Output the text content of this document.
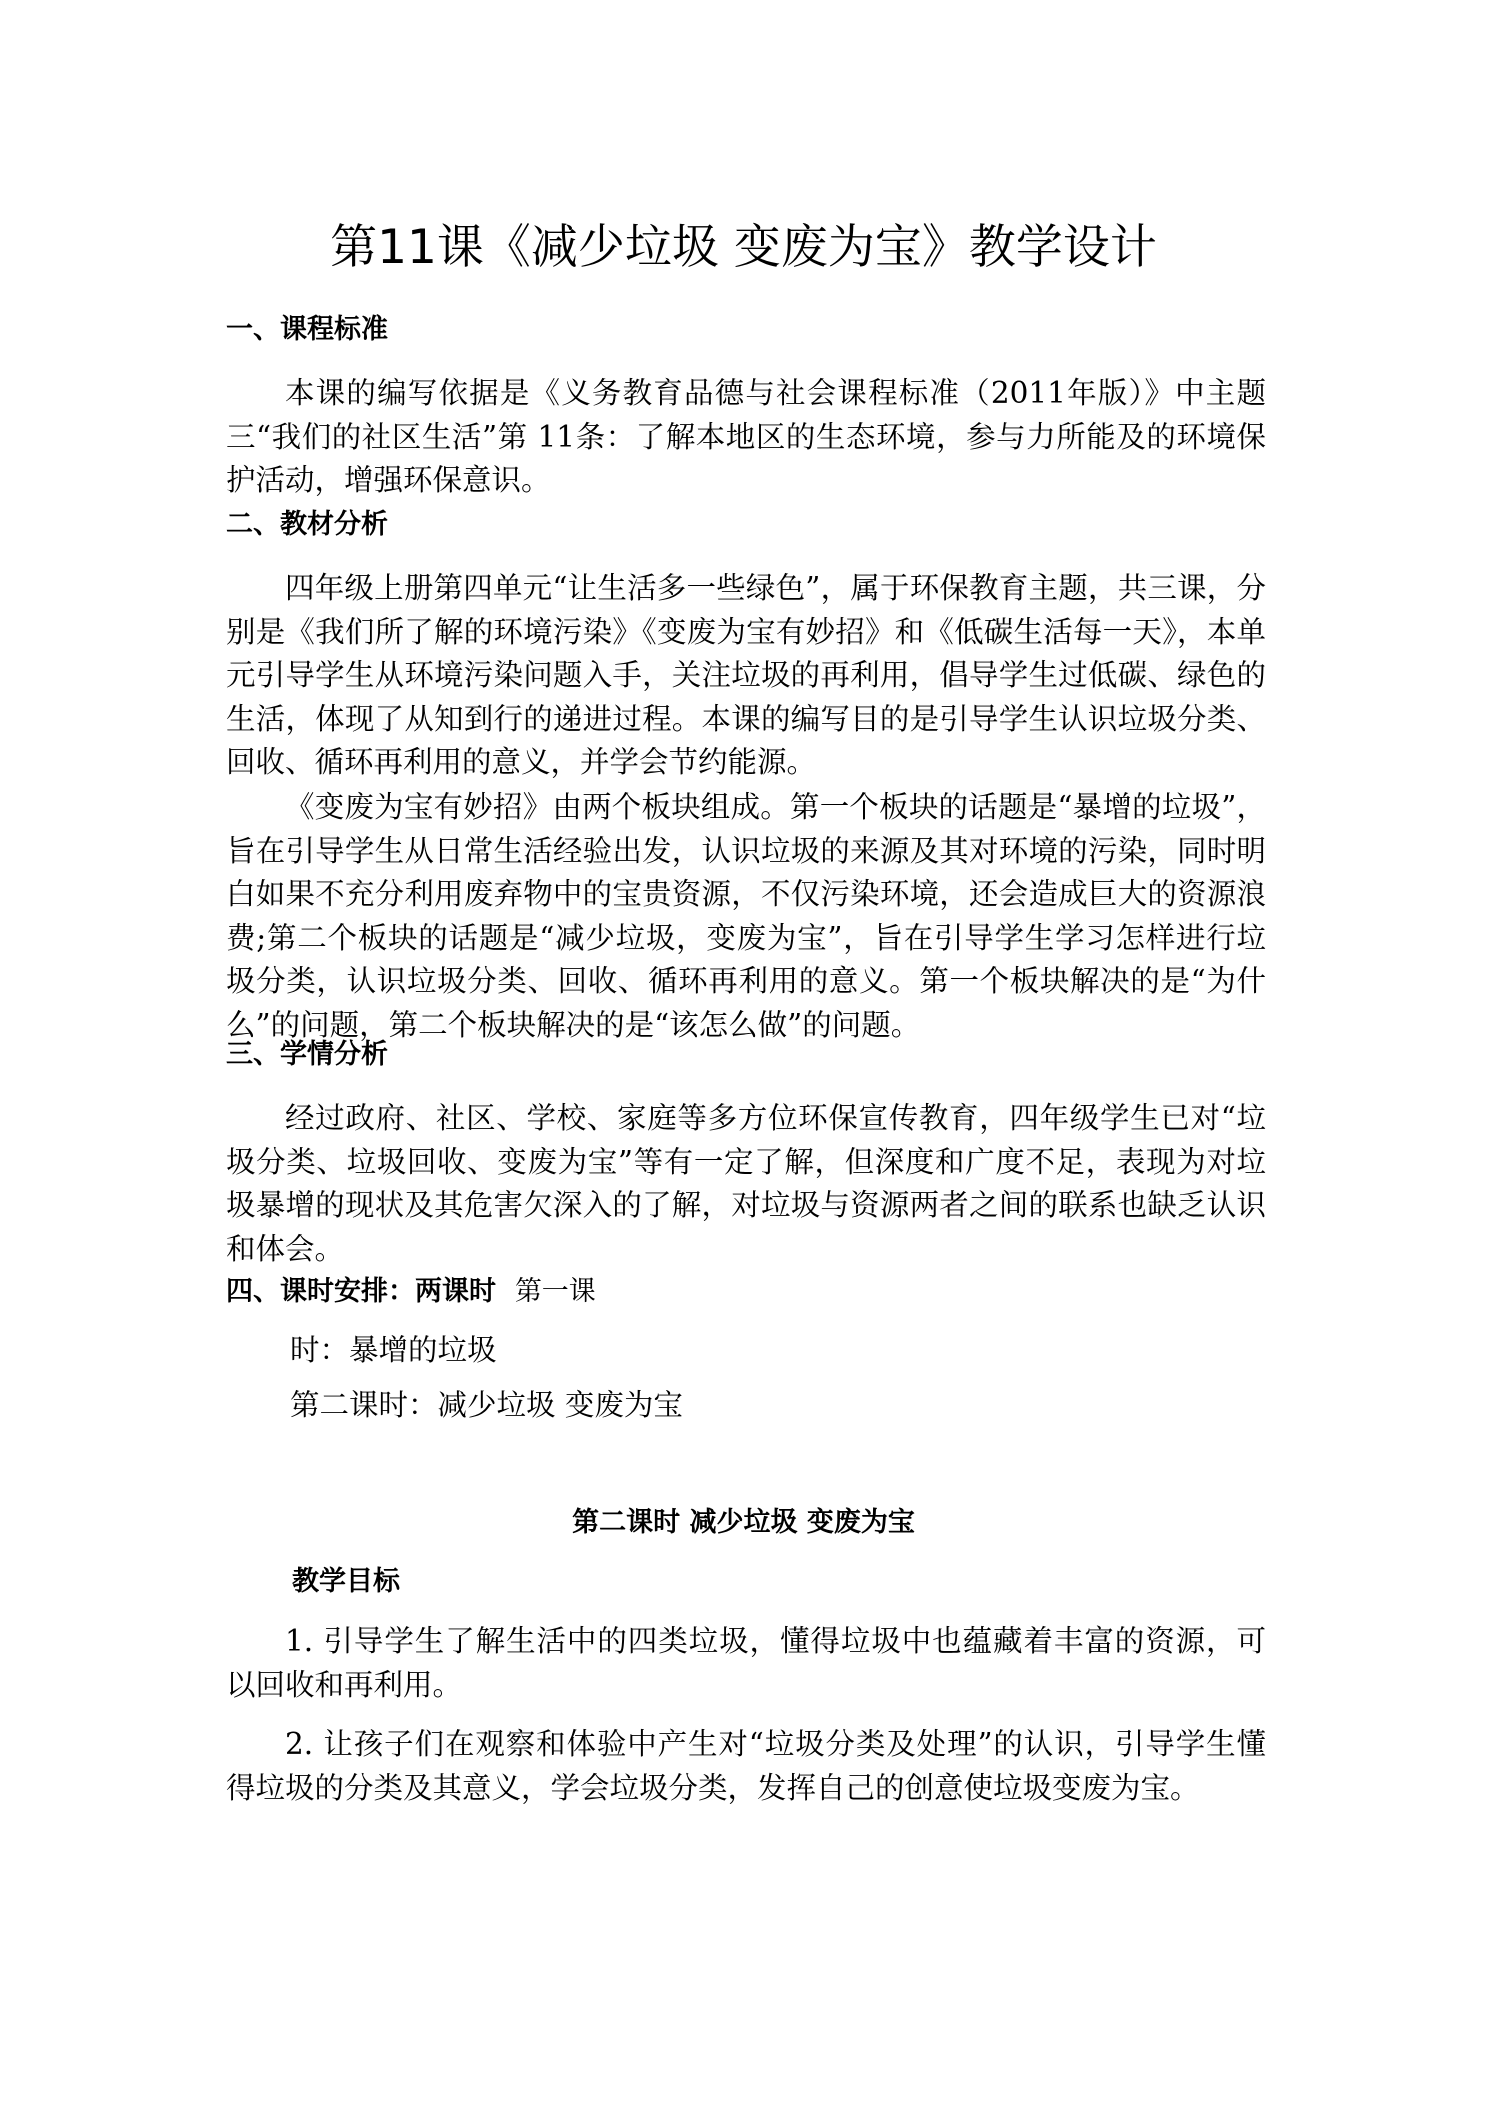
第11课《减少垃圾 变废为宝》教学设计
一、课程标准

本课的编写依据是《义务教育品德与社会课程标准（2011年版）》中主题三“我们的社区生活”第 11条：了解本地区的生态环境，参与力所能及的环境保护活动，增强环保意识。

二、教材分析

四年级上册第四单元“让生活多一些绿色”，属于环保教育主题，共三课，分别是《我们所了解的环境污染》《变废为宝有妙招》和《低碳生活每一天》，本单元引导学生从环境污染问题入手，关注垃圾的再利用，倡导学生过低碳、绿色的生活，体现了从知到行的递进过程。本课的编写目的是引导学生认识垃圾分类、回收、循环再利用的意义，并学会节约能源。

《变废为宝有妙招》由两个板块组成。第一个板块的话题是“暴增的垃圾”，旨在引导学生从日常生活经验出发，认识垃圾的来源及其对环境的污染，同时明白如果不充分利用废弃物中的宝贵资源，不仅污染环境，还会造成巨大的资源浪费;第二个板块的话题是“减少垃圾，变废为宝”，旨在引导学生学习怎样进行垃圾分类，认识垃圾分类、回收、循环再利用的意义。第一个板块解决的是“为什么”的问题，第二个板块解决的是“该怎么做”的问题。

三、学情分析

经过政府、社区、学校、家庭等多方位环保宣传教育，四年级学生已对“垃圾分类、垃圾回收、变废为宝”等有一定了解，但深度和广度不足，表现为对垃圾暴增的现状及其危害欠深入的了解，对垃圾与资源两者之间的联系也缺乏认识和体会。

四、课时安排：两课时 第一课

时：暴增的垃圾

第二课时：减少垃圾 变废为宝

第二课时 减少垃圾 变废为宝
教学目标

1. 引导学生了解生活中的四类垃圾，懂得垃圾中也蕴藏着丰富的资源，可以回收和再利用。

2. 让孩子们在观察和体验中产生对“垃圾分类及处理”的认识，引导学生懂得垃圾的分类及其意义，学会垃圾分类，发挥自己的创意使垃圾变废为宝。
